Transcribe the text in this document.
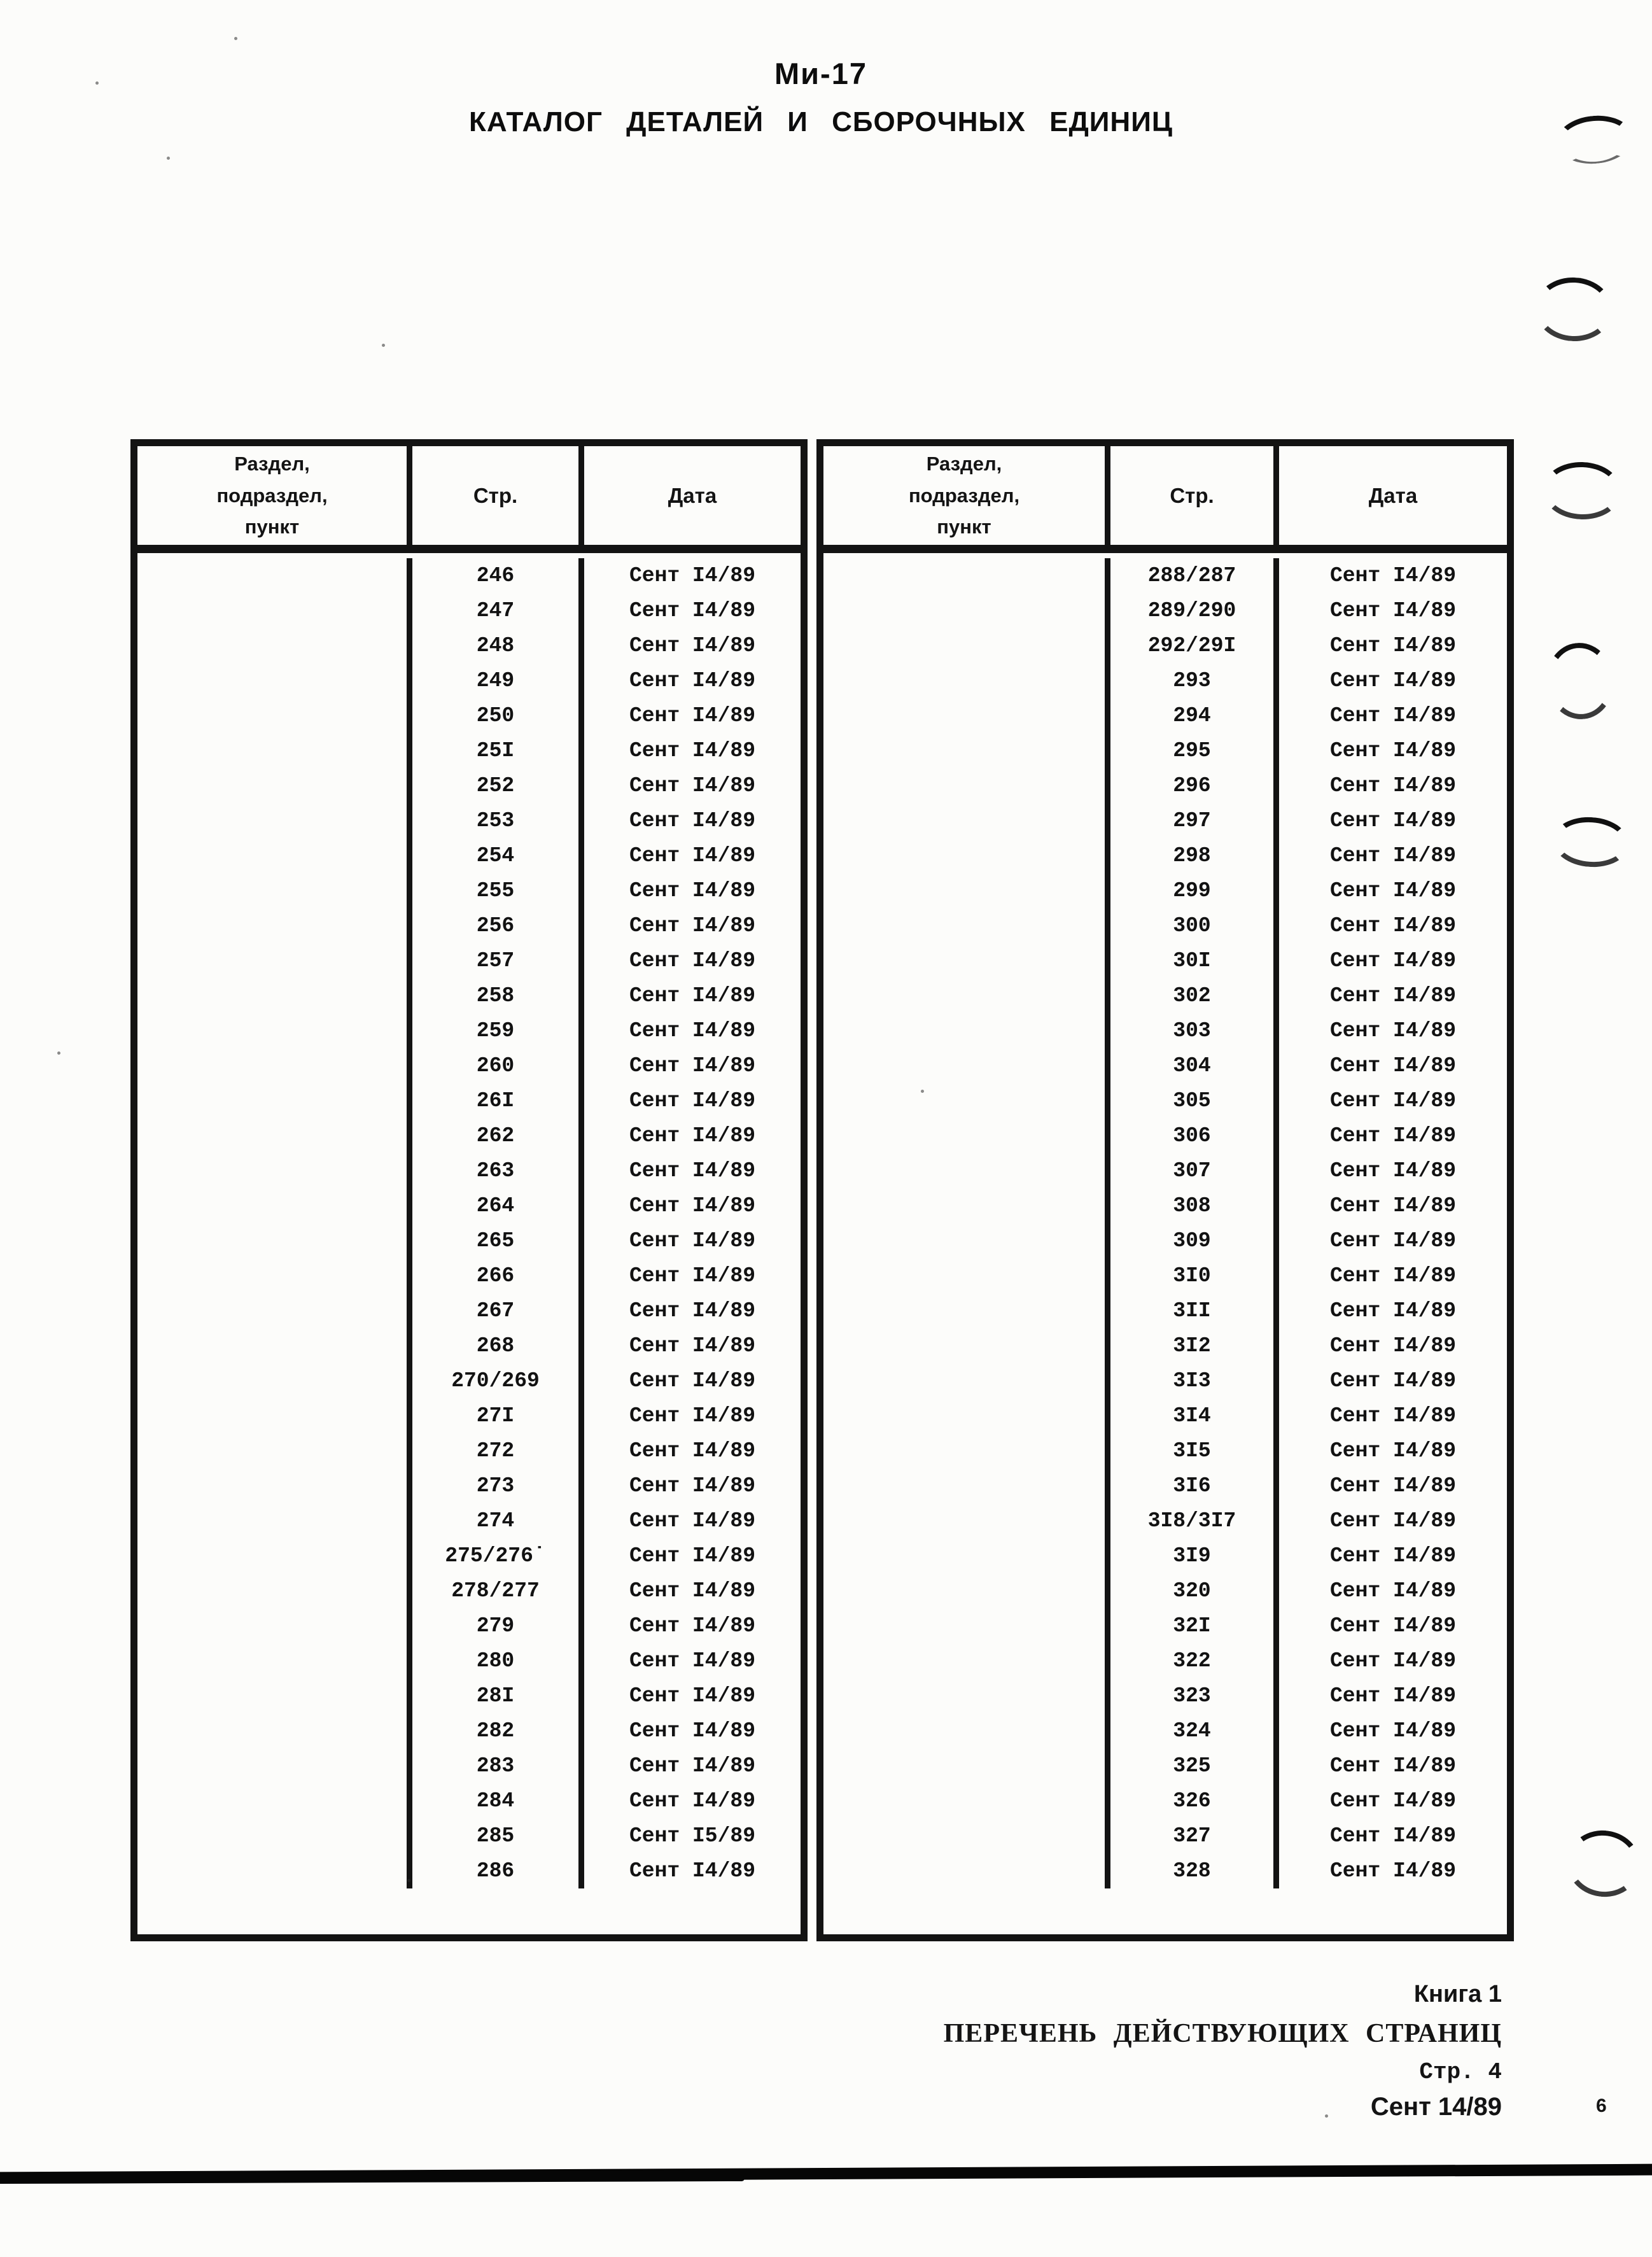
Ми-17
КАТАЛОГ ДЕТАЛЕЙ И СБОРОЧНЫХ ЕДИНИЦ
Раздел,
подраздел,
пункт	Стр.	Дата
	246	Сент I4/89
	247	Сент I4/89
	248	Сент I4/89
	249	Сент I4/89
	250	Сент I4/89
	25I	Сент I4/89
	252	Сент I4/89
	253	Сент I4/89
	254	Сент I4/89
	255	Сент I4/89
	256	Сент I4/89
	257	Сент I4/89
	258	Сент I4/89
	259	Сент I4/89
	260	Сент I4/89
	26I	Сент I4/89
	262	Сент I4/89
	263	Сент I4/89
	264	Сент I4/89
	265	Сент I4/89
	266	Сент I4/89
	267	Сент I4/89
	268	Сент I4/89
	270/269	Сент I4/89
	27I	Сент I4/89
	272	Сент I4/89
	273	Сент I4/89
	274	Сент I4/89
	275/276˙	Сент I4/89
	278/277	Сент I4/89
	279	Сент I4/89
	280	Сент I4/89
	28I	Сент I4/89
	282	Сент I4/89
	283	Сент I4/89
	284	Сент I4/89
	285	Сент I5/89
	286	Сент I4/89

Раздел,
подраздел,
пункт	Стр.	Дата
	288/287	Сент I4/89
	289/290	Сент I4/89
	292/29I	Сент I4/89
	293	Сент I4/89
	294	Сент I4/89
	295	Сент I4/89
	296	Сент I4/89
	297	Сент I4/89
	298	Сент I4/89
	299	Сент I4/89
	300	Сент I4/89
	30I	Сент I4/89
	302	Сент I4/89
	303	Сент I4/89
	304	Сент I4/89
	305	Сент I4/89
	306	Сент I4/89
	307	Сент I4/89
	308	Сент I4/89
	309	Сент I4/89
	3I0	Сент I4/89
	3II	Сент I4/89
	3I2	Сент I4/89
	3I3	Сент I4/89
	3I4	Сент I4/89
	3I5	Сент I4/89
	3I6	Сент I4/89
	3I8/3I7	Сент I4/89
	3I9	Сент I4/89
	320	Сент I4/89
	32I	Сент I4/89
	322	Сент I4/89
	323	Сент I4/89
	324	Сент I4/89
	325	Сент I4/89
	326	Сент I4/89
	327	Сент I4/89
	328	Сент I4/89

Книга 1
ПЕРЕЧЕНЬ ДЕЙСТВУЮЩИХ СТРАНИЦ
Стр. 4
Сент 14/89	6
